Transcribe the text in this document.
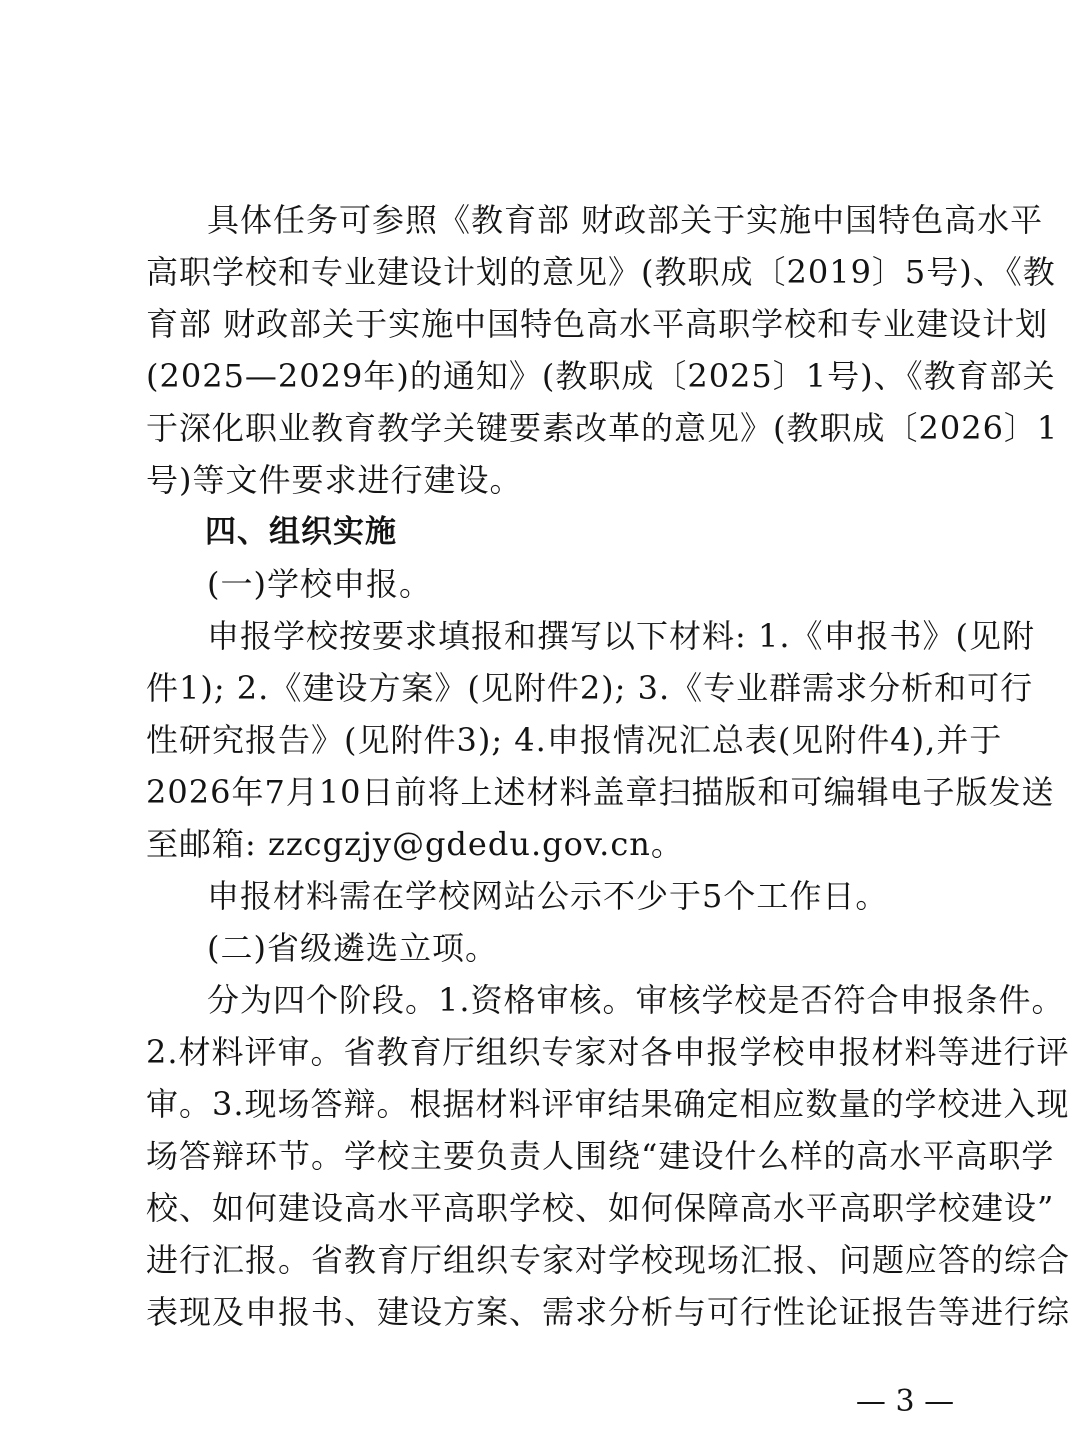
具体任务可参照《教育部 财政部关于实施中国特色高水平
高职学校和专业建设计划的意见》(教职成〔2019〕5号)、《教
育部 财政部关于实施中国特色高水平高职学校和专业建设计划
(2025—2029年)的通知》(教职成〔2025〕1号)、《教育部关
于深化职业教育教学关键要素改革的意见》(教职成〔2026〕1
号)等文件要求进行建设。
四、组织实施
(一)学校申报。
申报学校按要求填报和撰写以下材料: 1.《申报书》(见附
件1); 2.《建设方案》(见附件2); 3.《专业群需求分析和可行
性研究报告》(见附件3); 4.申报情况汇总表(见附件4),并于
2026年7月10日前将上述材料盖章扫描版和可编辑电子版发送
至邮箱: zzcgzjy@gdedu.gov.cn。
申报材料需在学校网站公示不少于5个工作日。
(二)省级遴选立项。
分为四个阶段。1.资格审核。审核学校是否符合申报条件。
2.材料评审。省教育厅组织专家对各申报学校申报材料等进行评
审。3.现场答辩。根据材料评审结果确定相应数量的学校进入现
场答辩环节。学校主要负责人围绕“建设什么样的高水平高职学
校、如何建设高水平高职学校、如何保障高水平高职学校建设”
进行汇报。省教育厅组织专家对学校现场汇报、问题应答的综合
表现及申报书、建设方案、需求分析与可行性论证报告等进行综
— 3 —
